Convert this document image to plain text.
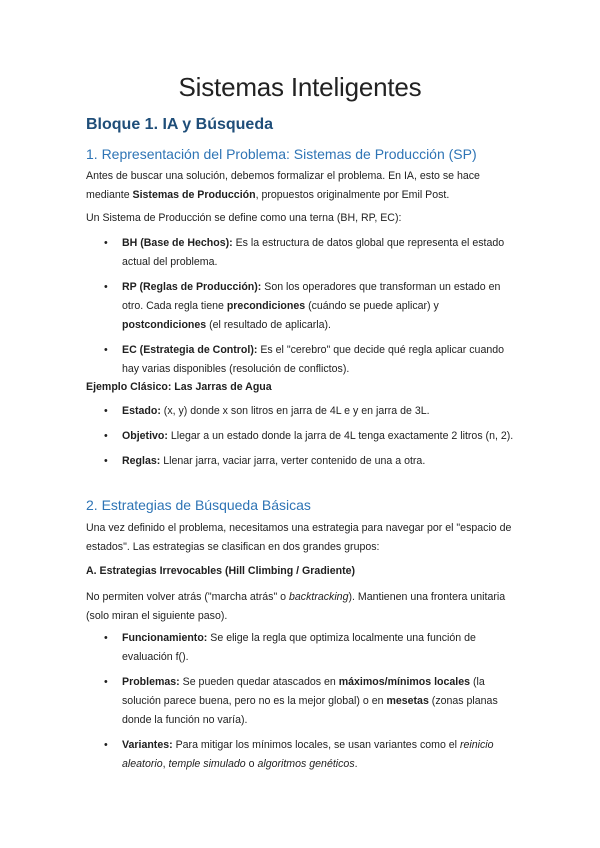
Sistemas Inteligentes
Bloque 1. IA y Búsqueda
1. Representación del Problema: Sistemas de Producción (SP)

Antes de buscar una solución, debemos formalizar el problema. En IA, esto se hace mediante Sistemas de Producción, propuestos originalmente por Emil Post.

Un Sistema de Producción se define como una terna (BH, RP, EC):

• BH (Base de Hechos): Es la estructura de datos global que representa el estado actual del problema.
• RP (Reglas de Producción): Son los operadores que transforman un estado en otro. Cada regla tiene precondiciones (cuándo se puede aplicar) y postcondiciones (el resultado de aplicarla).
• EC (Estrategia de Control): Es el "cerebro" que decide qué regla aplicar cuando hay varias disponibles (resolución de conflictos).

Ejemplo Clásico: Las Jarras de Agua

• Estado: (x, y) donde x son litros en jarra de 4L e y en jarra de 3L.
• Objetivo: Llegar a un estado donde la jarra de 4L tenga exactamente 2 litros (n, 2).
• Reglas: Llenar jarra, vaciar jarra, verter contenido de una a otra.
2. Estrategias de Búsqueda Básicas

Una vez definido el problema, necesitamos una estrategia para navegar por el "espacio de estados". Las estrategias se clasifican en dos grandes grupos:

A. Estrategias Irrevocables (Hill Climbing / Gradiente)

No permiten volver atrás ("marcha atrás" o backtracking). Mantienen una frontera unitaria (solo miran el siguiente paso).

• Funcionamiento: Se elige la regla que optimiza localmente una función de evaluación f().
• Problemas: Se pueden quedar atascados en máximos/mínimos locales (la solución parece buena, pero no es la mejor global) o en mesetas (zonas planas donde la función no varía).
• Variantes: Para mitigar los mínimos locales, se usan variantes como el reinicio aleatorio, temple simulado o algoritmos genéticos.
